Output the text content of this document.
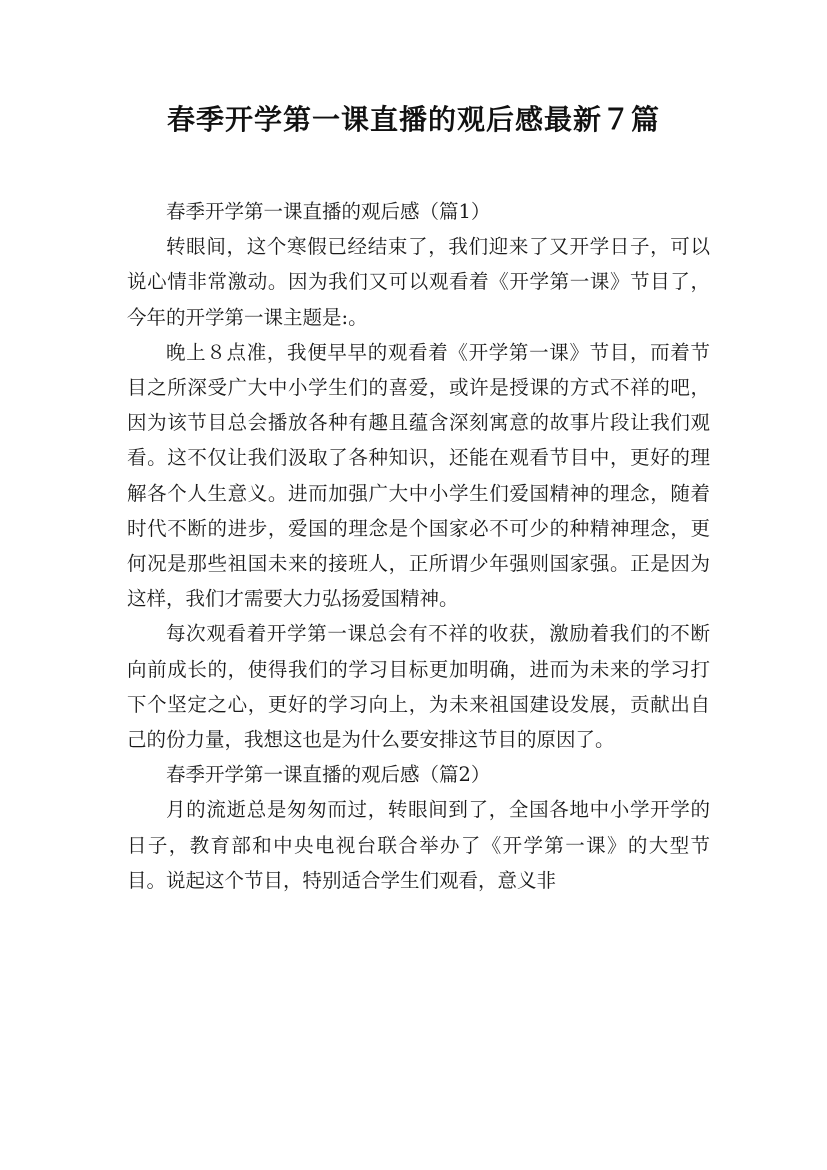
春季开学第一课直播的观后感最新７篇

春季开学第一课直播的观后感（篇1）

转眼间，这个寒假已经结束了，我们迎来了又开学日子，可以说心情非常激动。因为我们又可以观看着《开学第一课》节目了，今年的开学第一课主题是:。

晚上８点准，我便早早的观看着《开学第一课》节目，而着节目之所深受广大中小学生们的喜爱，或许是授课的方式不祥的吧，因为该节目总会播放各种有趣且蕴含深刻寓意的故事片段让我们观看。这不仅让我们汲取了各种知识，还能在观看节目中，更好的理解各个人生意义。进而加强广大中小学生们爱国精神的理念，随着时代不断的进步，爱国的理念是个国家必不可少的种精神理念，更何况是那些祖国未来的接班人，正所谓少年强则国家强。正是因为这样，我们才需要大力弘扬爱国精神。

每次观看着开学第一课总会有不祥的收获，激励着我们的不断向前成长的，使得我们的学习目标更加明确，进而为未来的学习打下个坚定之心，更好的学习向上，为未来祖国建设发展，贡献出自己的份力量，我想这也是为什么要安排这节目的原因了。

春季开学第一课直播的观后感（篇2）

月的流逝总是匆匆而过，转眼间到了，全国各地中小学开学的日子，教育部和中央电视台联合举办了《开学第一课》的大型节目。说起这个节目，特别适合学生们观看，意义非
